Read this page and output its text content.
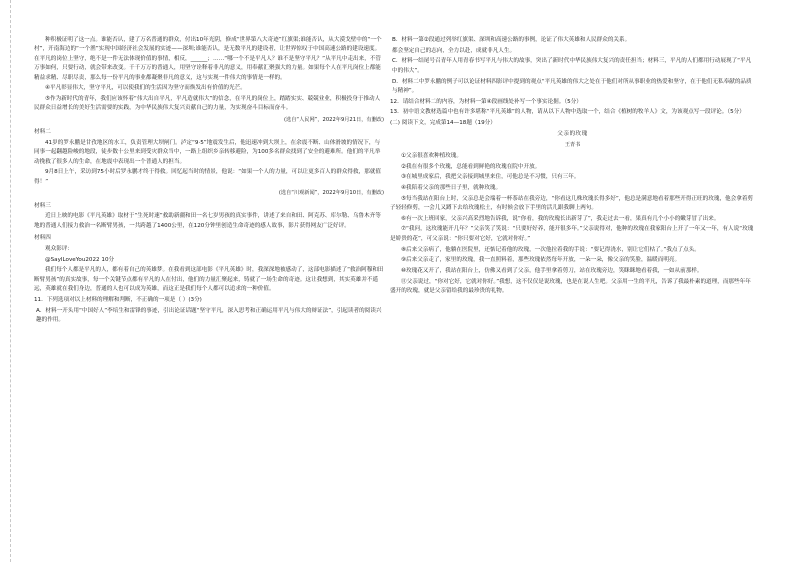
种积极证明了这一点。谁能否认，建了万名普通的群众，付出10年光阴，修成“世界第八大奇迹”红旗渠;谁能否认，从大漠戈壁中的“一个村”，开南海边的“一个渔”实现中国经济社会发展的实迹——深圳;谁能否认，是无数平凡的建设者，让世界惊叹于中国高速公路的建设速度。在平凡的岗位上坚守，绝不是一件无法体现价值的事情，相反，______；……“哪一个不是平凡人？谁不是坚守平凡？”从平凡中走出来，不管万事如何，只要行动，就会带来改变。千千万万的普通人，用坚守诠释着非凡的意义，用奉献汇聚强大的力量。如果每个人在平凡岗位上都能精益求精、尽职尽责，那么每一份平凡的事业都凝聚非凡的意义，这与实现一件伟大的事情是一样的。

④平凡彰显伟大，坚守平凡，可以使我们的生活因为坚守而焕发出有价值的光芒。

⑤作为新时代的青年，我们应该怀着“伟大出自平凡，平凡造就伟大”的信念，在平凡的岗位上，踏踏实实、兢兢业业，积极投身于推动人民群众日益增长的美好生活需要的实践，为中华民族伟大复兴贡献自己的力量，为实现奋斗目标而奋斗。

(选自“人民网”，2022年9月21日，有删改)

材料二

41岁的罗永鹏是甘孜地区的水工，负责管理大坝闸门。泸定“9·5”地震发生后，他迅速冲到大坝上，在余震不断、山体滑坡的情况下，与同事一起翻越险峻的地段，徒步数十公里来到受灾群众当中，一路上组织乡亲转移避险，为100多名群众找到了安全的避难所。他们的平凡举动挽救了很多人的生命，在地震中表现出一个普通人的担当。

9月8日上午，采访到75小时后罗永鹏才终于得救。回忆起当时的情景，他说：“如果一个人的力量，可以让更多百人的群众得救，那就值得！”

(选自“川观新闻”，2022年9月10日，有删改)

材料三

近日上映的电影《平凡英雄》取材于“生死时速”救助新疆和田一名七岁男孩的真实事件，讲述了来自和田、阿克苏、库尔勒、乌鲁木齐等地的普通人们接力救治一名断臂男孩，一共跨越了1400公里，在120分钟里创造生命奇迹的感人故事，影片获得网友广泛好评。

材料四

观众影评：

@SayILoveYou2022 10分

我们每个人都是平凡的人，都有着自己的英雄梦。在我看到这部电影《平凡英雄》时，我深深地被感动了，这部电影描述了“救治阿穆和田断臂男孩”的真实故事，每一个关键节点都有平凡的人在付出，他们的力量汇聚起来，铸就了一场生命的奇迹。这让我想到，其实英雄并不遥远，英雄就在我们身边，普通的人也可以成为英雄，而这正是我们每个人都可以追求的一种价值。

11．下列选项对以上材料的理解和判断，不正确的一项是（ ）(3分)

A．材料一开头用“中国好人”李培生和雷锋的事迹，引出论证话题“坚守平凡，深入思考和正确运用平凡与伟大的辩证法”，引起读者的阅读兴趣的作用。

B．材料一第②段通过列举红旗渠、深圳和高速公路的事例，论证了伟大英雄和人民群众的关系。

都会坚定自己的志向，全力以赴，成就非凡人生。

C．材料一结尾号召青年人用青春书写平凡与伟大的故事，突出了新时代中华民族伟大复兴的责任担当；材料三，平凡的人们都用行动展现了“平凡中的伟大”。

D．材料二中罗永鹏的例子可以论证材料四影评中提到的观点“平凡英雄的伟大之处在于他们对所从事职业的热爱和坚守，在于他们无私奉献的品质与精神”。

12．请结合材料二的内容，为材料一第④段画线处补写一个事实论据。（5分）

13．初中语文教材选篇中也有许多堪称“平凡英雄”的人物，请从以下人物中选取一个，结合《植树的牧羊人》文，为该观点写一段评论。（5分）

(二) 阅读下文，完成第14—18题（19分）

父亲的玫瑰

王青书

①父亲很喜欢种植玫瑰。

②我在有很多个玫瑰，总能看到鲜艳的玫瑰在院中开放。

③在城里成家后，我把父亲接到城里来住，可他总是不习惯，只有三年。

④我陪着父亲的那些日子里，就种玫瑰。

⑤每当我站在阳台上时，父亲总是会端着一杯茶站在我旁边，“你看这几株玫瑰长得多好”，他总是满意地看着那些开得正旺的玫瑰，他会拿着剪子轻轻修剪，一会儿又蹲下去给玫瑰松土，有时候会放下手里的活儿跟我聊上两句。

⑥有一次上班回家，父亲兴高采烈地告诉我，说“你看，我的玫瑰长出新芽了”，我走过去一看，果真有几个小小的嫩芽冒了出来。

⑦“我问，这玫瑰能开几年？”父亲笑了笑说：“只要好好养，能开很多年。”父亲说得对，他种的玫瑰在我家阳台上开了一年又一年，有人说“玫瑰是娇贵的花”，可父亲说：“你只要对它好，它就对你好。”

⑧后来父亲病了，他躺在医院里，还惦记着他的玫瑰，一次他拉着我的手说：“要记得浇水，别让它们枯了。”我点了点头。

⑨后来父亲走了，家里的玫瑰，我一直照料着，那些玫瑰依然每年开放，一朵一朵，像父亲的笑脸，温暖而明亮。

⑩玫瑰花又开了，我站在阳台上，仿佛又看到了父亲，他手里拿着剪刀，站在玫瑰旁边，笑眯眯地看着我，一如从前那样。

⑪父亲说过，“你对它好，它就对你好。”我想，这不仅仅是说玫瑰，也是在说人生吧。父亲用一生的平凡，告诉了我最朴素的道理，而那些年年盛开的玫瑰，就是父亲留给我的最珍贵的礼物。
